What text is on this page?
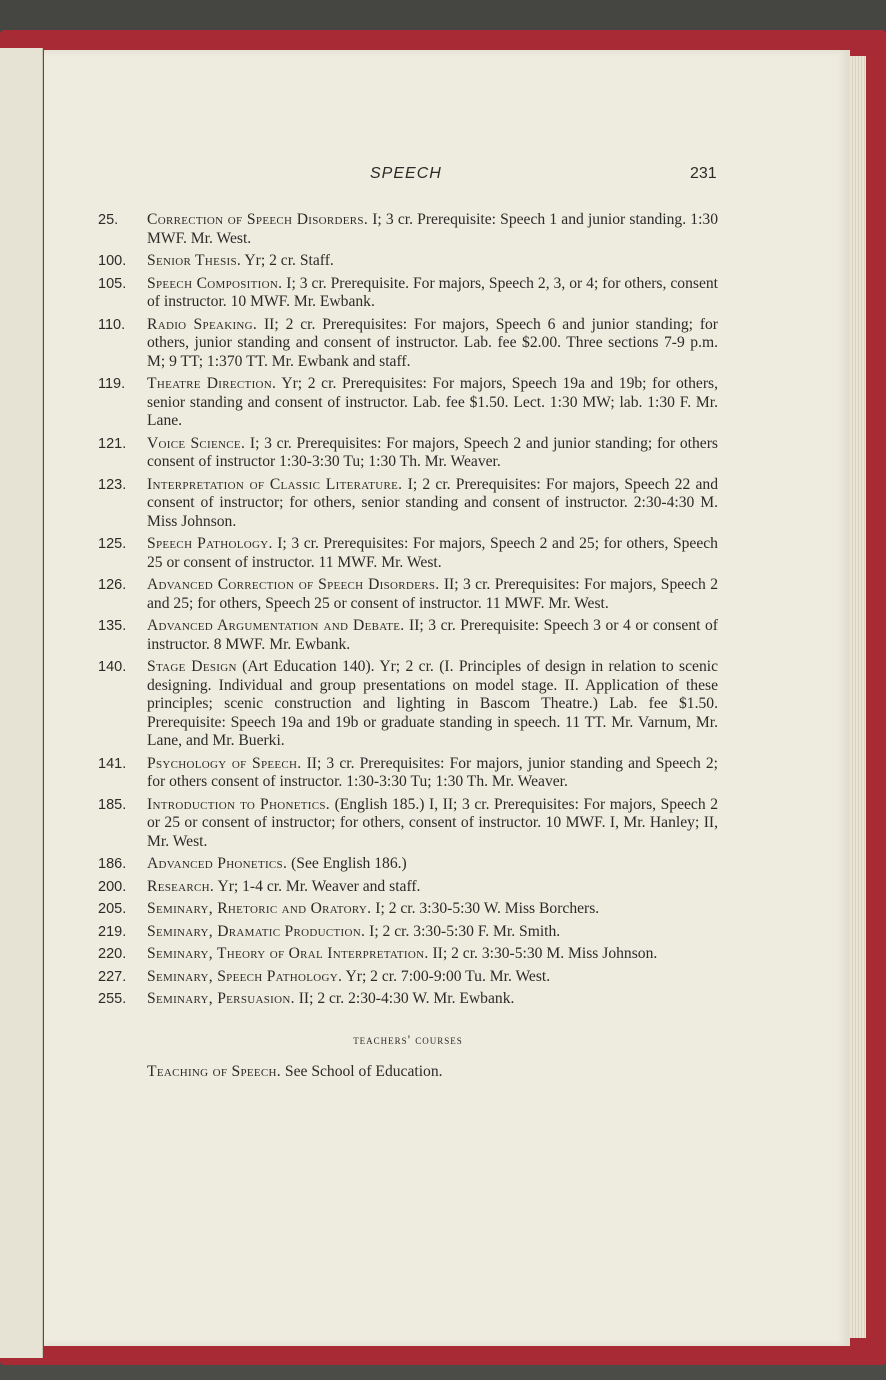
SPEECH	231
25.	Correction of Speech Disorders. I; 3 cr. Prerequisite: Speech 1 and junior standing. 1:30 MWF. Mr. West.
100.	Senior Thesis. Yr; 2 cr. Staff.
105.	Speech Composition. I; 3 cr. Prerequisite. For majors, Speech 2, 3, or 4; for others, consent of instructor. 10 MWF. Mr. Ewbank.
110.	Radio Speaking. II; 2 cr. Prerequisites: For majors, Speech 6 and junior standing; for others, junior standing and consent of instructor. Lab. fee $2.00. Three sections 7-9 p.m. M; 9 TT; 1:370 TT. Mr. Ewbank and staff.
119.	Theatre Direction. Yr; 2 cr. Prerequisites: For majors, Speech 19a and 19b; for others, senior standing and consent of instructor. Lab. fee $1.50. Lect. 1:30 MW; lab. 1:30 F. Mr. Lane.
121.	Voice Science. I; 3 cr. Prerequisites: For majors, Speech 2 and junior standing; for others consent of instructor 1:30-3:30 Tu; 1:30 Th. Mr. Weaver.
123.	Interpretation of Classic Literature. I; 2 cr. Prerequisites: For majors, Speech 22 and consent of instructor; for others, senior standing and consent of instructor. 2:30-4:30 M. Miss Johnson.
125.	Speech Pathology. I; 3 cr. Prerequisites: For majors, Speech 2 and 25; for others, Speech 25 or consent of instructor. 11 MWF. Mr. West.
126.	Advanced Correction of Speech Disorders. II; 3 cr. Prerequisites: For majors, Speech 2 and 25; for others, Speech 25 or consent of instructor. 11 MWF. Mr. West.
135.	Advanced Argumentation and Debate. II; 3 cr. Prerequisite: Speech 3 or 4 or consent of instructor. 8 MWF. Mr. Ewbank.
140.	Stage Design (Art Education 140). Yr; 2 cr. (I. Principles of design in relation to scenic designing. Individual and group presentations on model stage. II. Application of these principles; scenic construction and lighting in Bascom Theatre.) Lab. fee $1.50. Prerequisite: Speech 19a and 19b or graduate standing in speech. 11 TT. Mr. Varnum, Mr. Lane, and Mr. Buerki.
141.	Psychology of Speech. II; 3 cr. Prerequisites: For majors, junior standing and Speech 2; for others consent of instructor. 1:30-3:30 Tu; 1:30 Th. Mr. Weaver.
185.	Introduction to Phonetics. (English 185.) I, II; 3 cr. Prerequisites: For majors, Speech 2 or 25 or consent of instructor; for others, consent of instructor. 10 MWF. I, Mr. Hanley; II, Mr. West.
186.	Advanced Phonetics. (See English 186.)
200.	Research. Yr; 1-4 cr. Mr. Weaver and staff.
205.	Seminary, Rhetoric and Oratory. I; 2 cr. 3:30-5:30 W. Miss Borchers.
219.	Seminary, Dramatic Production. I; 2 cr. 3:30-5:30 F. Mr. Smith.
220.	Seminary, Theory of Oral Interpretation. II; 2 cr. 3:30-5:30 M. Miss Johnson.
227.	Seminary, Speech Pathology. Yr; 2 cr. 7:00-9:00 Tu. Mr. West.
255.	Seminary, Persuasion. II; 2 cr. 2:30-4:30 W. Mr. Ewbank.
teachers' courses
Teaching of Speech. See School of Education.
